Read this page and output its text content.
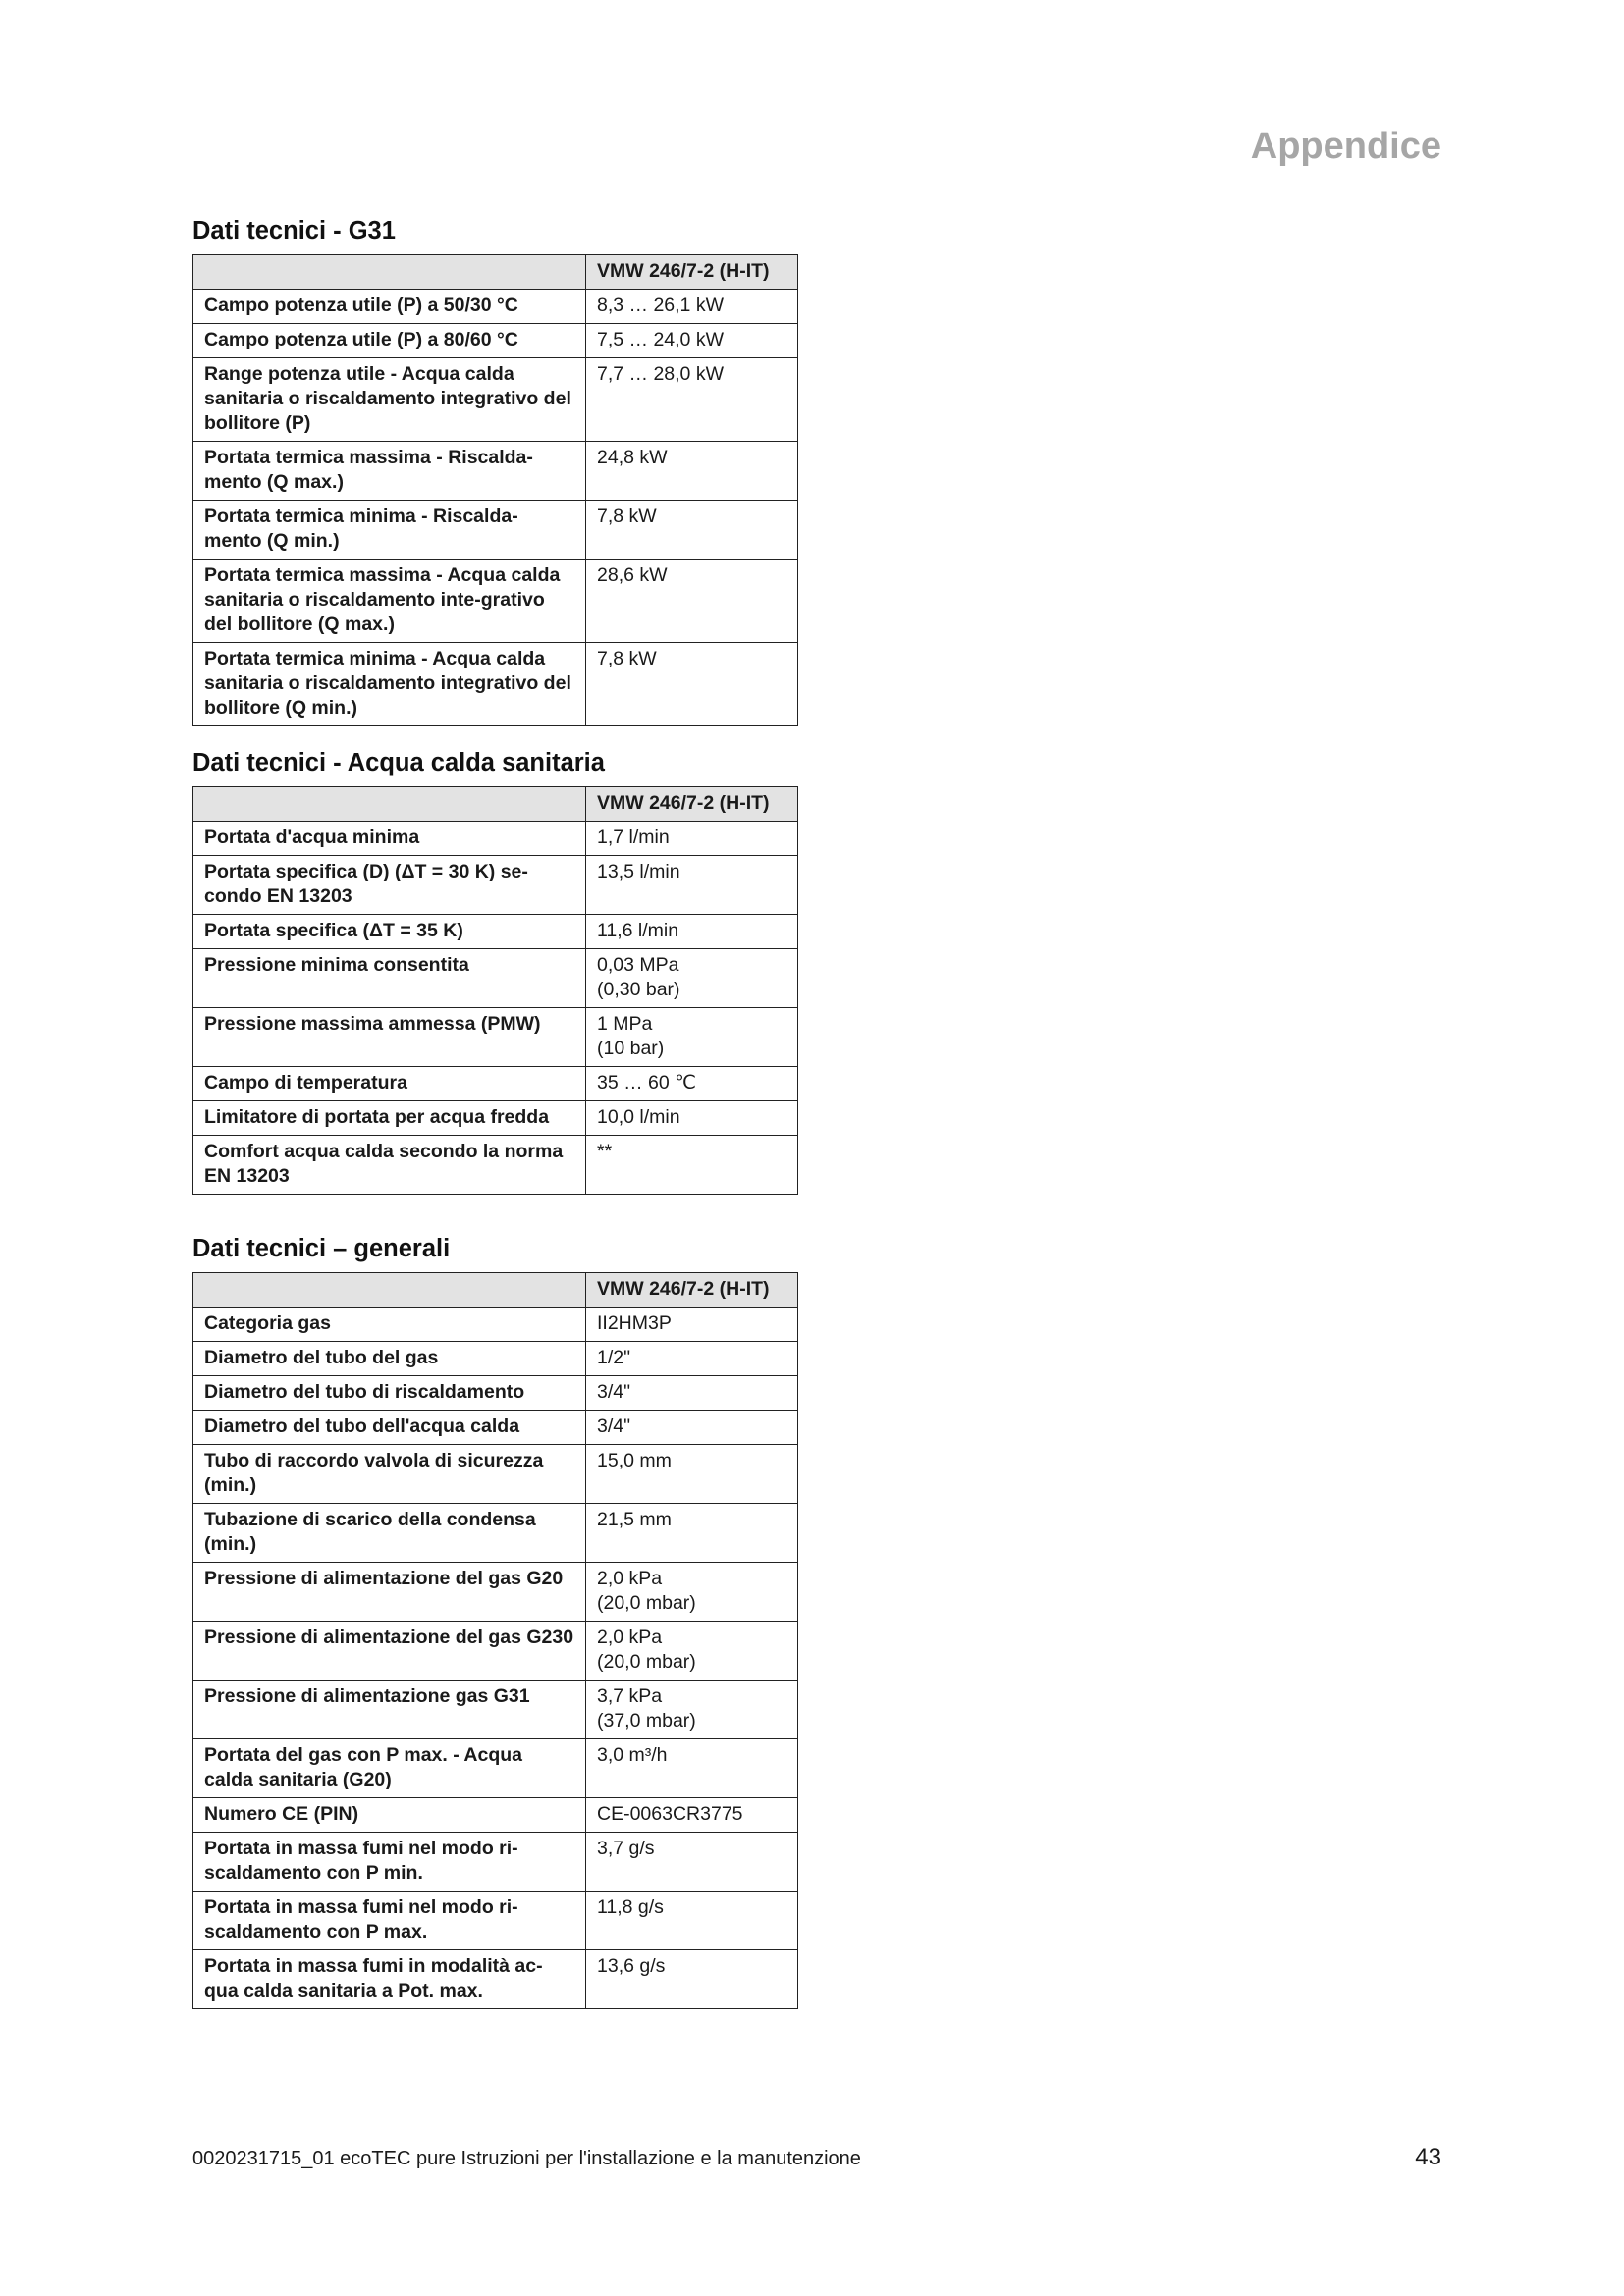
Appendice
Dati tecnici - G31
	VMW 246/7-2 (H-IT)
Campo potenza utile (P) a 50/30 °C	8,3 … 26,1 kW
Campo potenza utile (P) a 80/60 °C	7,5 … 24,0 kW
Range potenza utile - Acqua calda sanitaria o riscaldamento integrativo del bollitore (P)	7,7 … 28,0 kW
Portata termica massima - Riscalda-mento (Q max.)	24,8 kW
Portata termica minima - Riscalda-mento (Q min.)	7,8 kW
Portata termica massima - Acqua calda sanitaria o riscaldamento inte-grativo del bollitore (Q max.)	28,6 kW
Portata termica minima - Acqua calda sanitaria o riscaldamento integrativo del bollitore (Q min.)	7,8 kW
Dati tecnici - Acqua calda sanitaria
	VMW 246/7-2 (H-IT)
Portata d'acqua minima	1,7 l/min
Portata specifica (D) (ΔT = 30 K) se-condo EN 13203	13,5 l/min
Portata specifica (ΔT = 35 K)	11,6 l/min
Pressione minima consentita	0,03 MPa
(0,30 bar)
Pressione massima ammessa (PMW)	1 MPa
(10 bar)
Campo di temperatura	35 … 60 ℃
Limitatore di portata per acqua fredda	10,0 l/min
Comfort acqua calda secondo la norma EN 13203	**
Dati tecnici – generali
	VMW 246/7-2 (H-IT)
Categoria gas	II2HM3P
Diametro del tubo del gas	1/2"
Diametro del tubo di riscaldamento	3/4"
Diametro del tubo dell'acqua calda	3/4"
Tubo di raccordo valvola di sicurezza (min.)	15,0 mm
Tubazione di scarico della condensa (min.)	21,5 mm
Pressione di alimentazione del gas G20	2,0 kPa
(20,0 mbar)
Pressione di alimentazione del gas G230	2,0 kPa
(20,0 mbar)
Pressione di alimentazione gas G31	3,7 kPa
(37,0 mbar)
Portata del gas con P max. - Acqua calda sanitaria (G20)	3,0 m³/h
Numero CE (PIN)	CE-0063CR3775
Portata in massa fumi nel modo ri-scaldamento con P min.	3,7 g/s
Portata in massa fumi nel modo ri-scaldamento con P max.	11,8 g/s
Portata in massa fumi in modalità ac-qua calda sanitaria a Pot. max.	13,6 g/s
0020231715_01 ecoTEC pure Istruzioni per l'installazione e la manutenzione	43
